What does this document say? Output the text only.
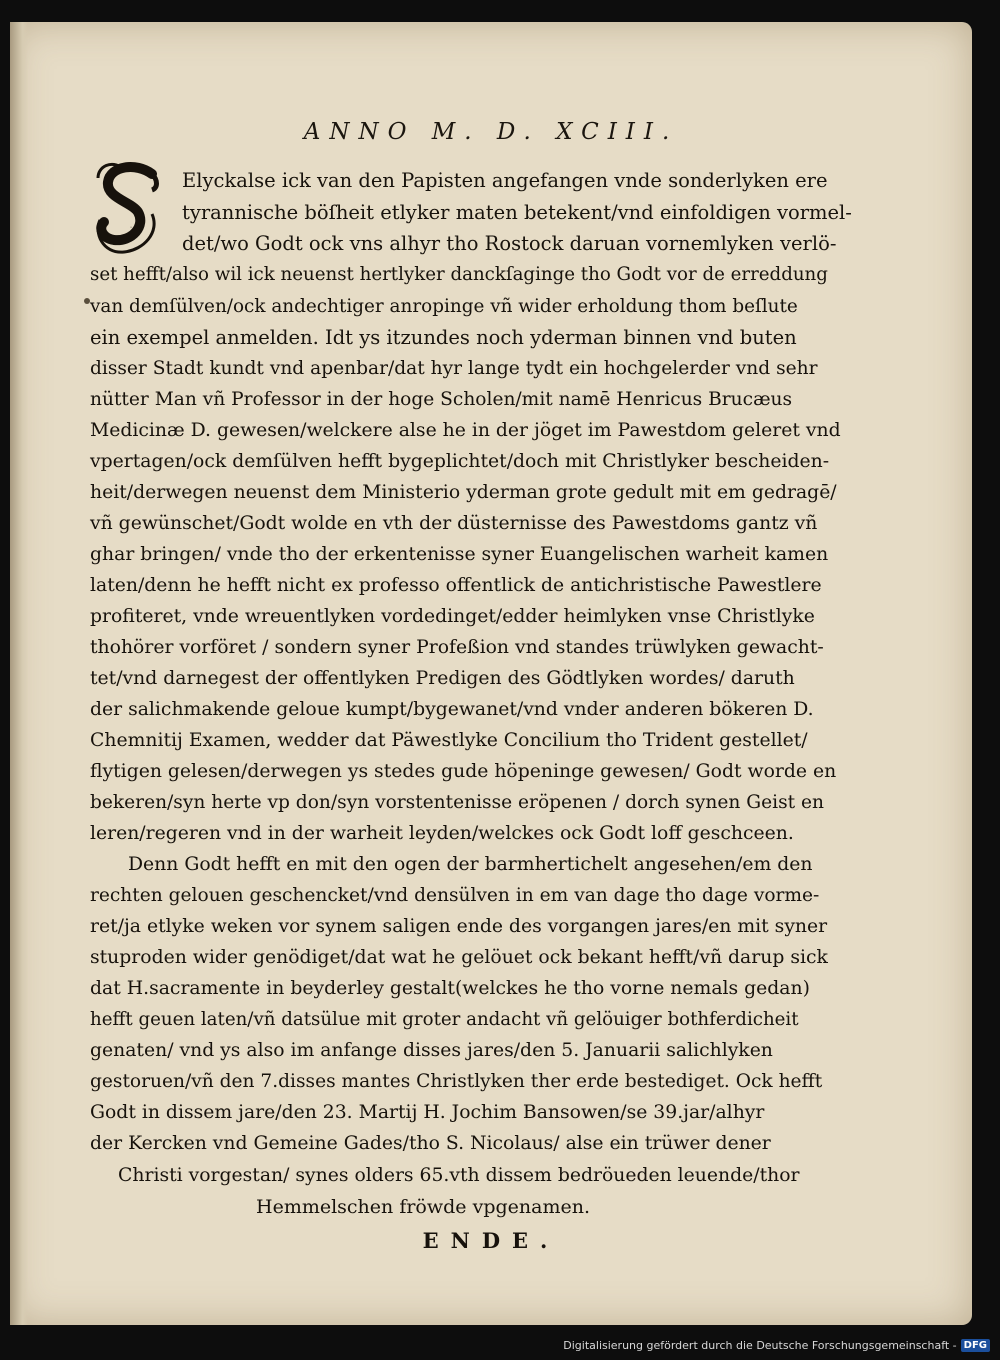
ANNO M. D. XCIII.
S
Elyckalse ick van den Papisten angefangen vnde sonderlyken ere
tyrannische böſheit etlyker maten betekent/vnd einfoldigen vormel-
det/wo Godt ock vns alhyr tho Rostock daruan vornemlyken verlö-
set hefft/also wil ick neuenst hertlyker danckſaginge tho Godt vor de erreddung
van demſülven/ock andechtiger anropinge vñ wider erholdung thom beſlute
ein exempel anmelden. Idt ys itzundes noch yderman binnen vnd buten
disser Stadt kundt vnd apenbar/dat hyr lange tydt ein hochgelerder vnd sehr
nütter Man vñ Professor in der hoge Scholen/mit namē Henricus Brucæus
Medicinæ D. gewesen/welckere alse he in der jöget im Pawestdom geleret vnd
vpertagen/ock demſülven hefft bygeplichtet/doch mit Christlyker bescheiden-
heit/derwegen neuenst dem Ministerio yderman grote gedult mit em gedragē/
vñ gewünschet/Godt wolde en vth der düsternisse des Pawestdoms gantz vñ
ghar bringen/ vnde tho der erkentenisse syner Euangelischen warheit kamen
laten/denn he hefft nicht ex professo offentlick de antichristische Pawestlere
profiteret, vnde wreuentlyken vordedinget/edder heimlyken vnse Christlyke
thohörer vorföret / sondern syner Profeßion vnd standes trüwlyken gewacht-
tet/vnd darnegest der offentlyken Predigen des Gödtlyken wordes/ daruth
der salichmakende geloue kumpt/bygewanet/vnd vnder anderen bökeren D.
Chemnitij Examen, wedder dat Päwestlyke Concilium tho Trident gestellet/
flytigen gelesen/derwegen ys stedes gude höpeninge gewesen/ Godt worde en
bekeren/syn herte vp don/syn vorstentenisse eröpenen / dorch synen Geist en
leren/regeren vnd in der warheit leyden/welckes ock Godt loff geschceen.
Denn Godt hefft en mit den ogen der barmhertichelt angesehen/em den
rechten gelouen geschencket/vnd densülven in em van dage tho dage vorme-
ret/ja etlyke weken vor synem saligen ende des vorgangen jares/en mit syner
stuproden wider genödiget/dat wat he gelöuet ock bekant hefft/vñ darup sick
dat H.sacramente in beyderley gestalt(welckes he tho vorne nemals gedan)
hefft geuen laten/vñ datsülue mit groter andacht vñ gelöuiger bothferdicheit
genaten/ vnd ys also im anfange disses jares/den 5. Januarii salichlyken
gestoruen/vñ den 7.disses mantes Christlyken ther erde bestediget. Ock hefft
Godt in dissem jare/den 23. Martij H. Jochim Bansowen/se 39.jar/alhyr
der Kercken vnd Gemeine Gades/tho S. Nicolaus/ alse ein trüwer dener
Christi vorgestan/ synes olders 65.vth dissem bedröueden leuende/thor
Hemmelschen fröwde vpgenamen.
ENDE.
Digitalisierung gefördert durch die Deutsche Forschungsgemeinschaft - DFG
